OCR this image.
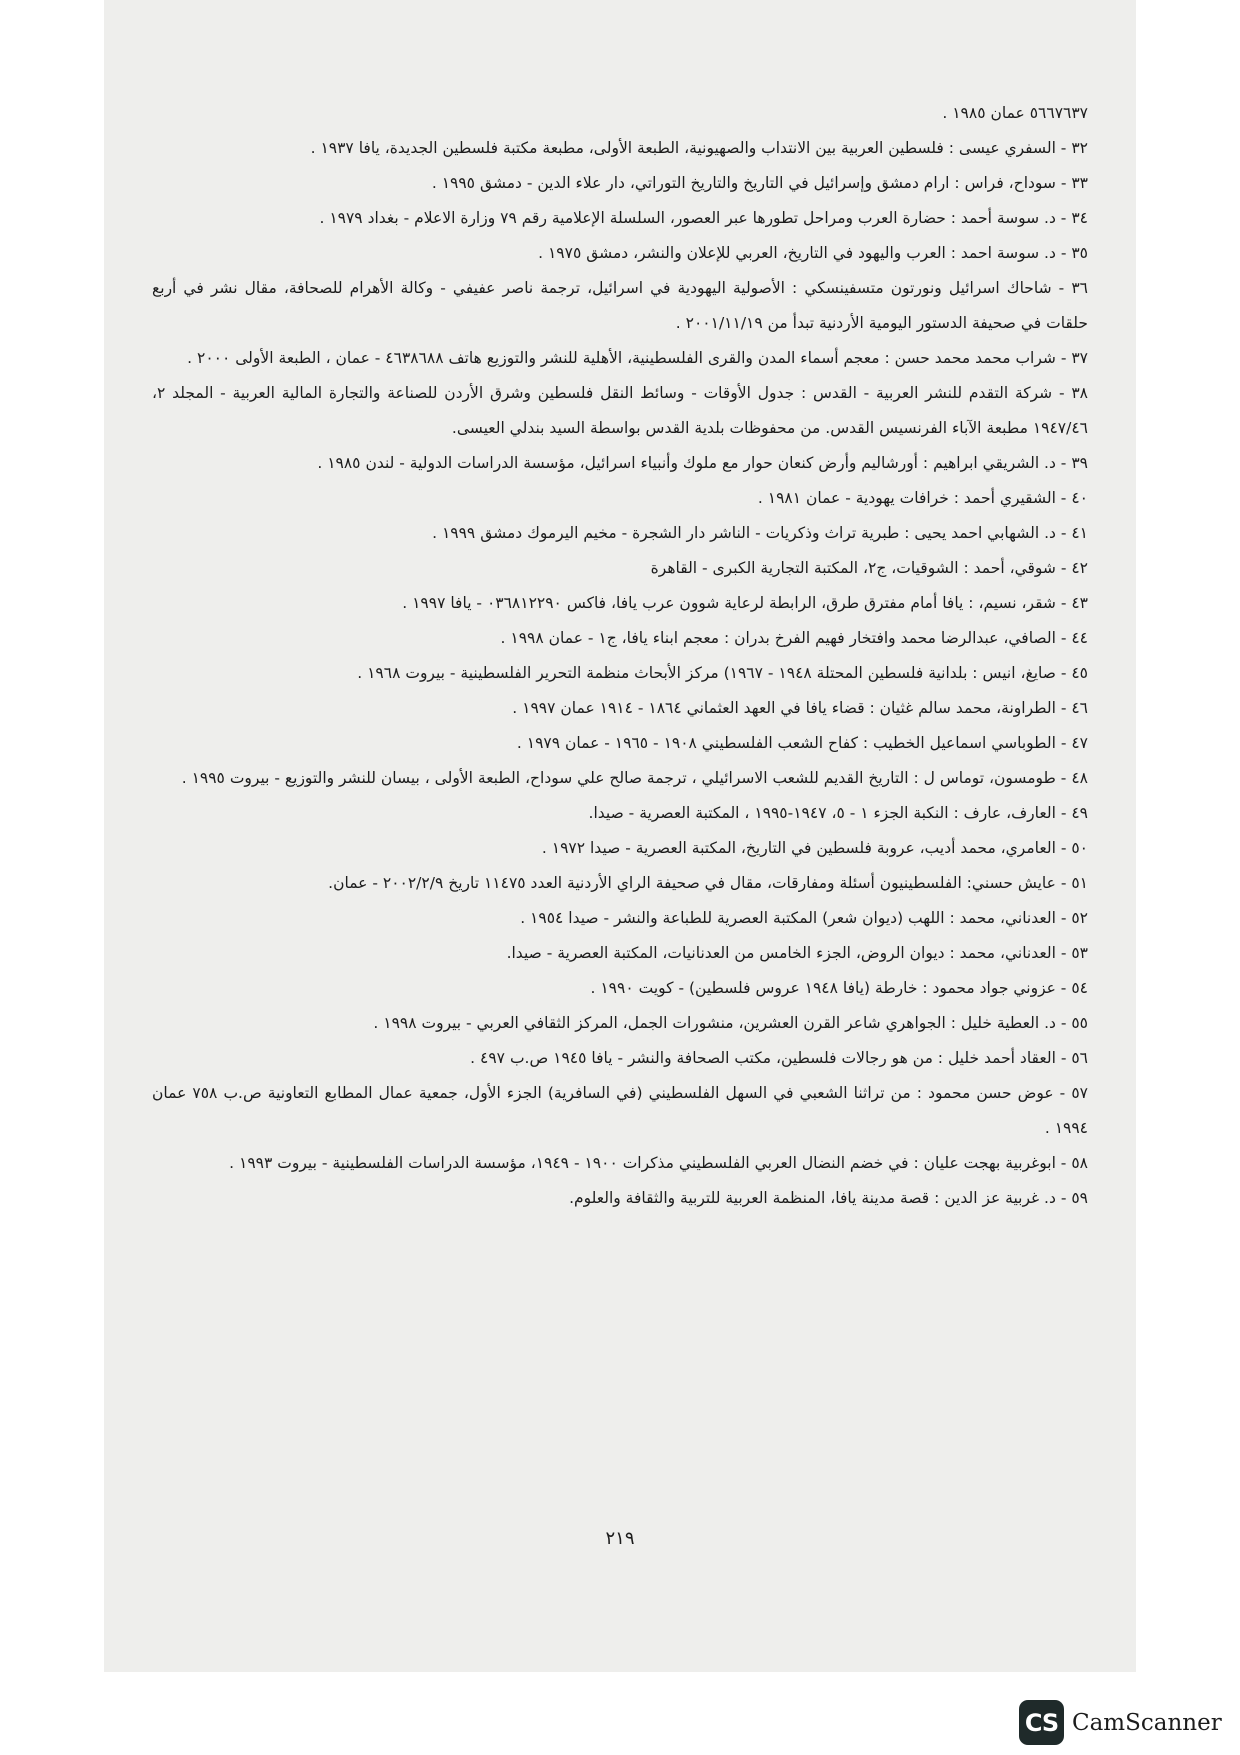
٥٦٦٧٦٣٧ عمان ١٩٨٥ .

٣٢ - السفري عيسى : فلسطين العربية بين الانتداب والصهيونية، الطبعة الأولى، مطبعة مكتبة فلسطين الجديدة، يافا ١٩٣٧ .

٣٣ - سوداح، فراس : ارام دمشق وإسرائيل في التاريخ والتاريخ التوراتي، دار علاء الدين - دمشق ١٩٩٥ .

٣٤ - د. سوسة أحمد : حضارة العرب ومراحل تطورها عبر العصور، السلسلة الإعلامية رقم ٧٩ وزارة الاعلام - بغداد ١٩٧٩ .

٣٥ - د. سوسة احمد : العرب واليهود في التاريخ، العربي للإعلان والنشر، دمشق ١٩٧٥ .

٣٦ - شاحاك اسرائيل ونورتون متسفينسكي : الأصولية اليهودية في اسرائيل، ترجمة ناصر عفيفي - وكالة الأهرام للصحافة، مقال نشر في أربع حلقات في صحيفة الدستور اليومية الأردنية تبدأ من ٢٠٠١/١١/١٩ .

٣٧ - شراب محمد محمد حسن : معجم أسماء المدن والقرى الفلسطينية، الأهلية للنشر والتوزيع هاتف ٤٦٣٨٦٨٨ - عمان ، الطبعة الأولى ٢٠٠٠ .

٣٨ - شركة التقدم للنشر العربية - القدس : جدول الأوقات - وسائط النقل فلسطين وشرق الأردن للصناعة والتجارة المالية العربية - المجلد ٢، ١٩٤٧/٤٦ مطبعة الآباء الفرنسيس القدس. من محفوظات بلدية القدس بواسطة السيد بندلي العيسى.

٣٩ - د. الشريقي ابراهيم : أورشاليم وأرض كنعان حوار مع ملوك وأنبياء اسرائيل، مؤسسة الدراسات الدولية - لندن ١٩٨٥ .

٤٠ - الشقيري أحمد : خرافات يهودية - عمان ١٩٨١ .

٤١ - د. الشهابي احمد يحيى : طبرية تراث وذكريات - الناشر دار الشجرة - مخيم اليرموك دمشق ١٩٩٩ .

٤٢ - شوقي، أحمد : الشوقيات، ج٢، المكتبة التجارية الكبرى - القاهرة

٤٣ - شقر، نسيم، : يافا أمام مفترق طرق، الرابطة لرعاية شوون عرب يافا، فاكس ٠٣٦٨١٢٢٩٠ - يافا ١٩٩٧ .

٤٤ - الصافي، عبدالرضا محمد وافتخار فهيم الفرخ بدران : معجم ابناء يافا، ج١ - عمان ١٩٩٨ .

٤٥ - صايغ، انيس : بلدانية فلسطين المحتلة ١٩٤٨ - ١٩٦٧) مركز الأبحاث منظمة التحرير الفلسطينية - بيروت ١٩٦٨ .

٤٦ - الطراونة، محمد سالم غثيان : قضاء يافا في العهد العثماني ١٨٦٤ - ١٩١٤ عمان ١٩٩٧ .

٤٧ - الطوباسي اسماعيل الخطيب : كفاح الشعب الفلسطيني ١٩٠٨ - ١٩٦٥ - عمان ١٩٧٩ .

٤٨ - طومسون، توماس ل : التاريخ القديم للشعب الاسرائيلي ، ترجمة صالح علي سوداح، الطبعة الأولى ، بيسان للنشر والتوزيع - بيروت ١٩٩٥ .

٤٩ - العارف، عارف : النكبة الجزء ١ - ٥، ١٩٤٧-١٩٩٥ ، المكتبة العصرية - صيدا.

٥٠ - العامري، محمد أديب، عروبة فلسطين في التاريخ، المكتبة العصرية - صيدا ١٩٧٢ .

٥١ - عايش حسني: الفلسطينيون أسئلة ومفارقات، مقال في صحيفة الراي الأردنية العدد ١١٤٧٥ تاريخ ٢٠٠٢/٢/٩ - عمان.

٥٢ - العدناني، محمد : اللهب (ديوان شعر) المكتبة العصرية للطباعة والنشر - صيدا ١٩٥٤ .

٥٣ - العدناني، محمد : ديوان الروض، الجزء الخامس من العدنانيات، المكتبة العصرية - صيدا.

٥٤ - عزوني جواد محمود : خارطة (يافا ١٩٤٨ عروس فلسطين) - كويت ١٩٩٠ .

٥٥ - د. العطية خليل : الجواهري شاعر القرن العشرين، منشورات الجمل، المركز الثقافي العربي - بيروت ١٩٩٨ .

٥٦ - العقاد أحمد خليل : من هو رجالات فلسطين، مكتب الصحافة والنشر - يافا ١٩٤٥ ص.ب ٤٩٧ .

٥٧ - عوض حسن محمود : من تراثنا الشعبي في السهل الفلسطيني (في السافرية) الجزء الأول، جمعية عمال المطابع التعاونية ص.ب ٧٥٨ عمان ١٩٩٤ .

٥٨ - ابوغربية بهجت عليان : في خضم النضال العربي الفلسطيني مذكرات ١٩٠٠ - ١٩٤٩، مؤسسة الدراسات الفلسطينية - بيروت ١٩٩٣ .

٥٩ - د. غربية عز الدين : قصة مدينة يافا، المنظمة العربية للتربية والثقافة والعلوم.

٢١٩
CS CamScanner
